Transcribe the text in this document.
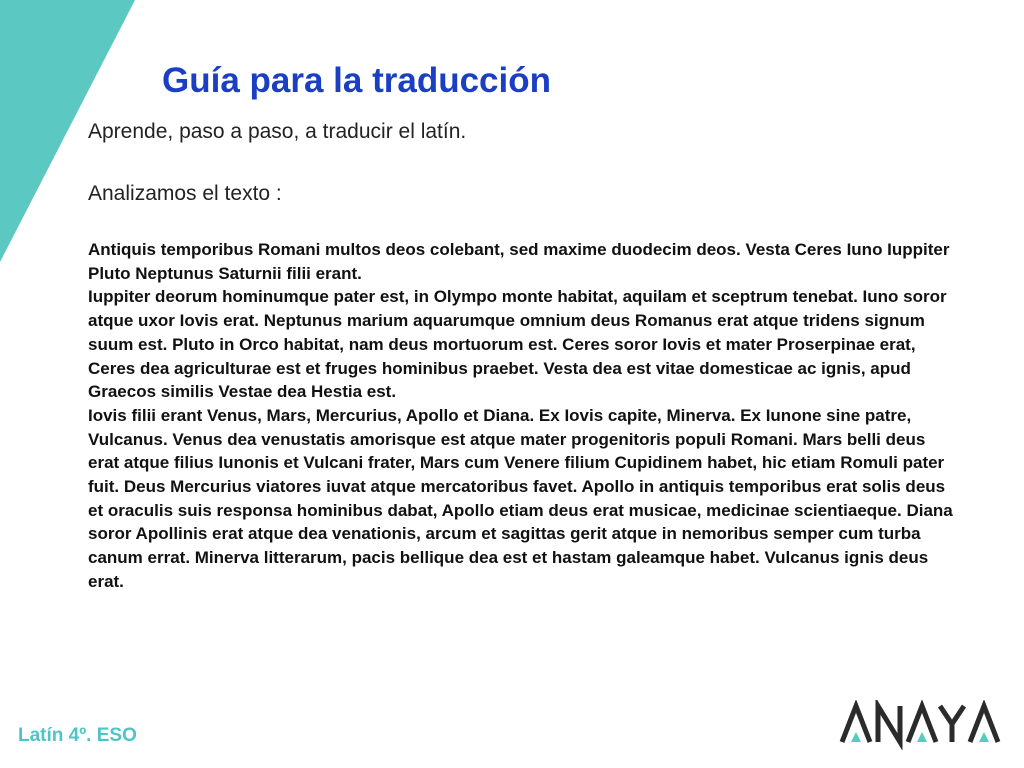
Guía para la traducción

Aprende, paso a paso, a traducir el latín.

Analizamos el texto :

Antiquis temporibus Romani multos deos colebant, sed maxime duodecim deos. Vesta Ceres Iuno Iuppiter Pluto Neptunus Saturnii filii erant.

Iuppiter deorum hominumque pater est, in Olympo monte habitat, aquilam et sceptrum tenebat. Iuno soror atque uxor Iovis erat. Neptunus marium aquarumque omnium deus Romanus erat atque tridens signum suum est. Pluto in Orco habitat, nam deus mortuorum est. Ceres soror Iovis et mater Proserpinae erat, Ceres dea agriculturae est et fruges hominibus praebet. Vesta dea est vitae domesticae ac ignis, apud Graecos similis Vestae dea Hestia est.

Iovis filii erant Venus, Mars, Mercurius, Apollo et Diana. Ex Iovis capite, Minerva. Ex Iunone sine patre, Vulcanus. Venus dea venustatis amorisque est atque mater progenitoris populi Romani. Mars belli deus erat atque filius Iunonis et Vulcani frater, Mars cum Venere filium Cupidinem habet, hic etiam Romuli pater fuit. Deus Mercurius viatores iuvat atque mercatoribus favet. Apollo in antiquis temporibus erat solis deus et oraculis suis responsa hominibus dabat, Apollo etiam deus erat musicae, medicinae scientiaeque. Diana soror Apollinis erat atque dea venationis, arcum et sagittas gerit atque in nemoribus semper cum turba canum errat. Minerva litterarum, pacis bellique dea est et hastam galeamque habet. Vulcanus ignis deus erat.

Latín 4º. ESO
